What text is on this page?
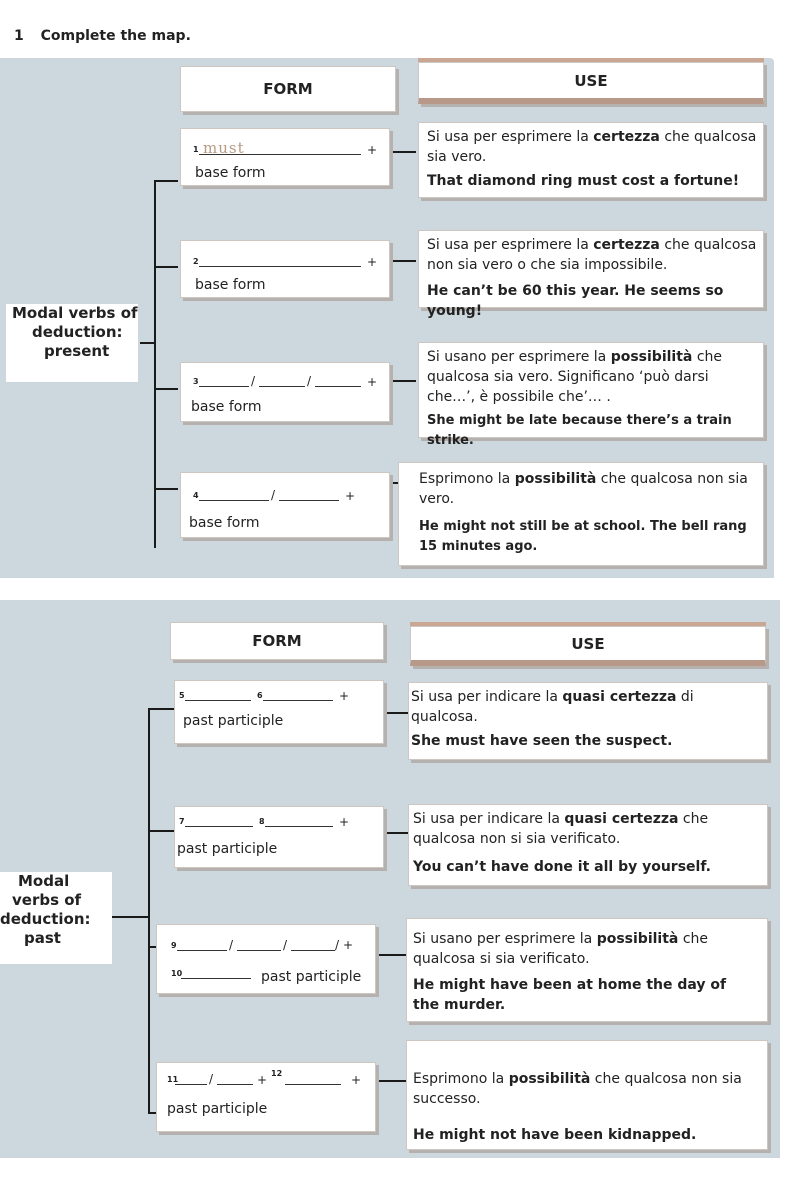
1 Complete the map.
FORM	USE
Modal verbs of
deduction:
present
1 must	+
base form
Si usa per esprimere la certezza che qualcosa sia vero.
That diamond ring must cost a fortune!
2	+
base form
Si usa per esprimere la certezza che qualcosa non sia vero o che sia impossibile.
He can’t be 60 this year. He seems so young!
3	/	/	+
base form
Si usano per esprimere la possibilità che qualcosa sia vero. Significano ‘può darsi che…’, è possibile che’… .
She might be late because there’s a train strike.
4	/	+
base form
Esprimono la possibilità che qualcosa non sia vero.
He might not still be at school. The bell rang 15 minutes ago.
FORM	USE
Modal
verbs of
deduction:
past
5	6	+
past participle
Si usa per indicare la quasi certezza di qualcosa.
She must have seen the suspect.
7	8	+
past participle
Si usa per indicare la quasi certezza che qualcosa non si sia verificato.
You can’t have done it all by yourself.
9	/	/	/ +
10	past participle
Si usano per esprimere la possibilità che qualcosa si sia verificato.
He might have been at home the day of the murder.
11	/	+ 12	+
past participle
Esprimono la possibilità che qualcosa non sia successo.
He might not have been kidnapped.
